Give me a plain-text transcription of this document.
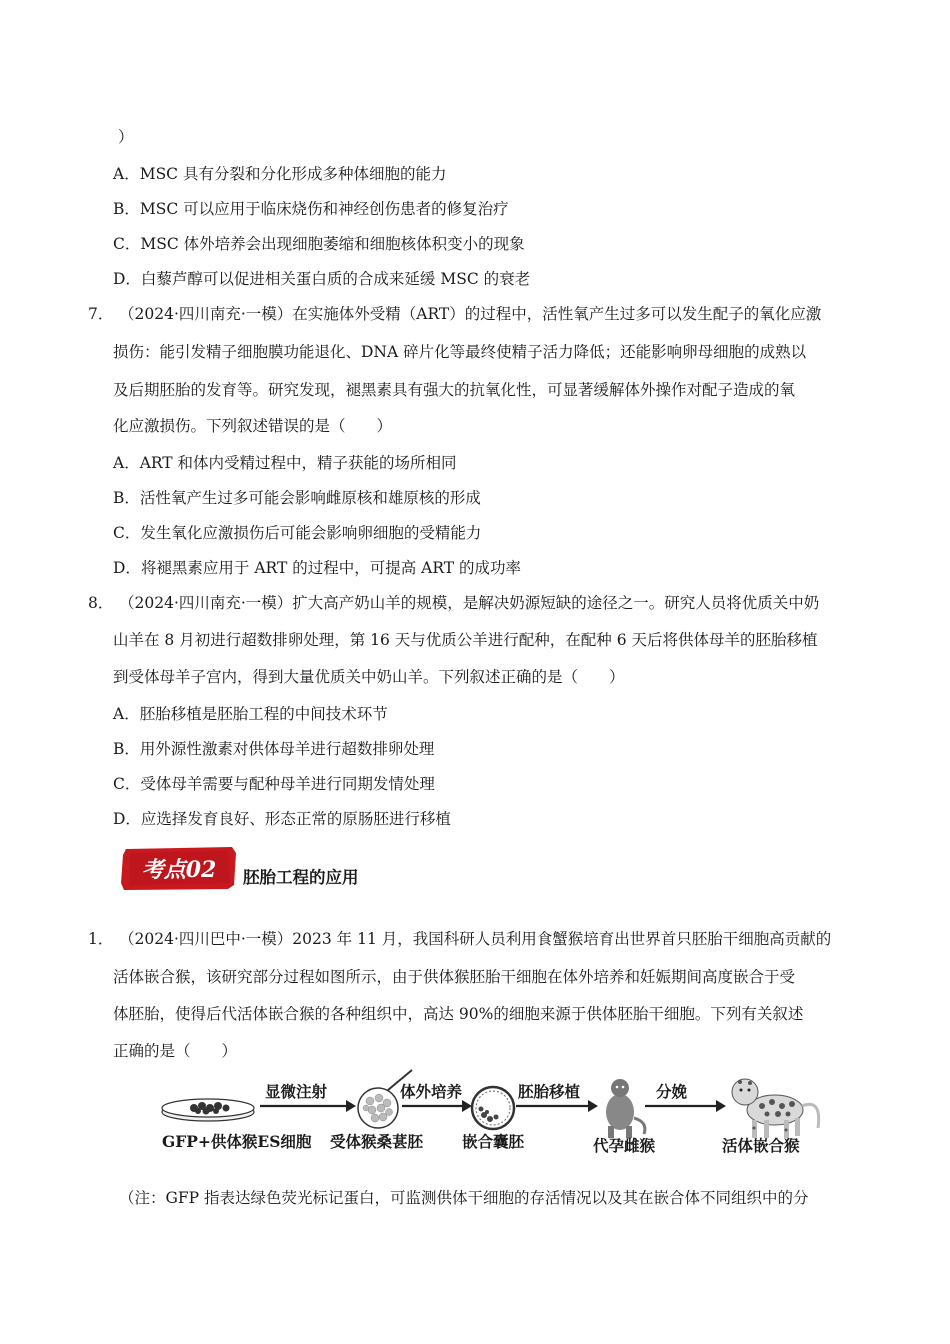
）
A．MSC 具有分裂和分化形成多种体细胞的能力
B．MSC 可以应用于临床烧伤和神经创伤患者的修复治疗
C．MSC 体外培养会出现细胞萎缩和细胞核体积变小的现象
D．白藜芦醇可以促进相关蛋白质的合成来延缓 MSC 的衰老
7． （2024·四川南充·一模）在实施体外受精（ART）的过程中，活性氧产生过多可以发生配子的氧化应激
损伤：能引发精子细胞膜功能退化、DNA 碎片化等最终使精子活力降低；还能影响卵母细胞的成熟以
及后期胚胎的发育等。研究发现，褪黑素具有强大的抗氧化性，可显著缓解体外操作对配子造成的氧
化应激损伤。下列叙述错误的是（　　）
A．ART 和体内受精过程中，精子获能的场所相同
B．活性氧产生过多可能会影响雌原核和雄原核的形成
C．发生氧化应激损伤后可能会影响卵细胞的受精能力
D．将褪黑素应用于 ART 的过程中，可提高 ART 的成功率
8． （2024·四川南充·一模）扩大高产奶山羊的规模，是解决奶源短缺的途径之一。研究人员将优质关中奶
山羊在 8 月初进行超数排卵处理，第 16 天与优质公羊进行配种，在配种 6 天后将供体母羊的胚胎移植
到受体母羊子宫内，得到大量优质关中奶山羊。下列叙述正确的是（　　）
A．胚胎移植是胚胎工程的中间技术环节
B．用外源性激素对供体母羊进行超数排卵处理
C．受体母羊需要与配种母羊进行同期发情处理
D．应选择发育良好、形态正常的原肠胚进行移植
考点02 胚胎工程的应用
1． （2024·四川巴中·一模）2023 年 11 月，我国科研人员利用食蟹猴培育出世界首只胚胎干细胞高贡献的
活体嵌合猴，该研究部分过程如图所示，由于供体猴胚胎干细胞在体外培养和妊娠期间高度嵌合于受
体胚胎，使得后代活体嵌合猴的各种组织中，高达 90%的细胞来源于供体胚胎干细胞。下列有关叙述
正确的是（　　）
显微注射	体外培养	胚胎移植	分娩
GFP+供体猴ES细胞 受体猴桑葚胚	嵌合囊胚	代孕雌猴	活体嵌合猴
（注：GFP 指表达绿色荧光标记蛋白，可监测供体干细胞的存活情况以及其在嵌合体不同组织中的分
